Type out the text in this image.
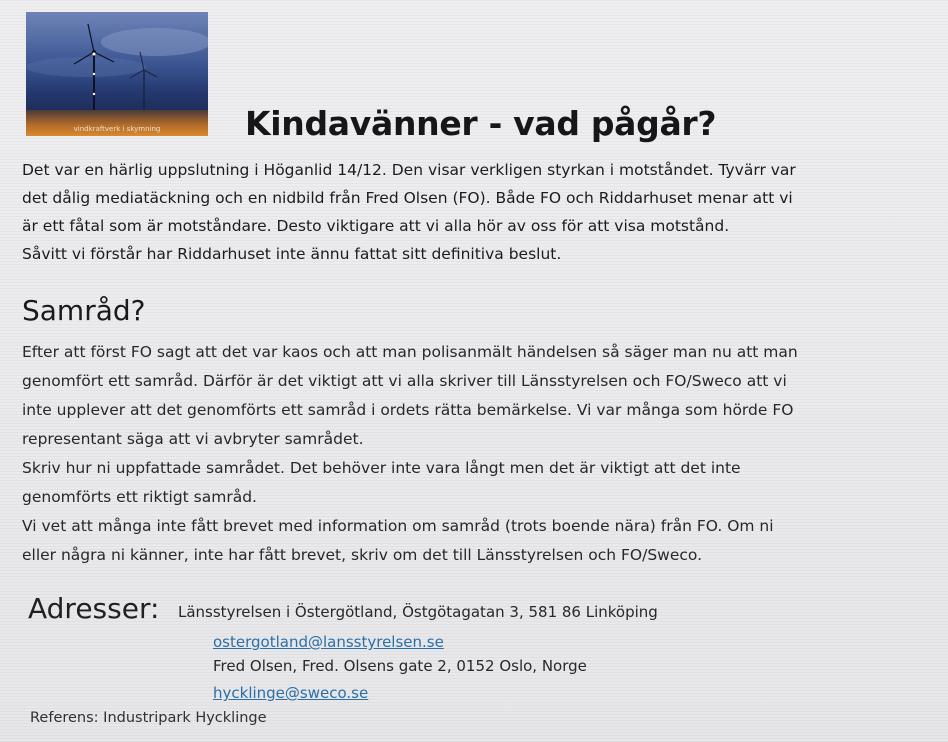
vindkraftverk i skymning	Kindavänner - vad pågår?

Det var en härlig uppslutning i Höganlid 14/12. Den visar verkligen styrkan i motståndet. Tyvärr var

det dålig mediatäckning och en nidbild från Fred Olsen (FO). Både FO och Riddarhuset menar att vi

är ett fåtal som är motståndare. Desto viktigare att vi alla hör av oss för att visa motstånd.

Såvitt vi förstår har Riddarhuset inte ännu fattat sitt definitiva beslut.

Samråd?

Efter att först FO sagt att det var kaos och att man polisanmält händelsen så säger man nu att man

genomfört ett samråd. Därför är det viktigt att vi alla skriver till Länsstyrelsen och FO/Sweco att vi

inte upplever att det genomförts ett samråd i ordets rätta bemärkelse. Vi var många som hörde FO

representant säga att vi avbryter samrådet.

Skriv hur ni uppfattade samrådet. Det behöver inte vara långt men det är viktigt att det inte

genomförts ett riktigt samråd.

Vi vet att många inte fått brevet med information om samråd (trots boende nära) från FO. Om ni

eller några ni känner, inte har fått brevet, skriv om det till Länsstyrelsen och FO/Sweco.

Adresser: Länsstyrelsen i Östergötland, Östgötagatan 3, 581 86 Linköping
ostergotland@lansstyrelsen.se
Fred Olsen, Fred. Olsens gate 2, 0152 Oslo, Norge
hycklinge@sweco.se
Referens: Industripark Hycklinge
